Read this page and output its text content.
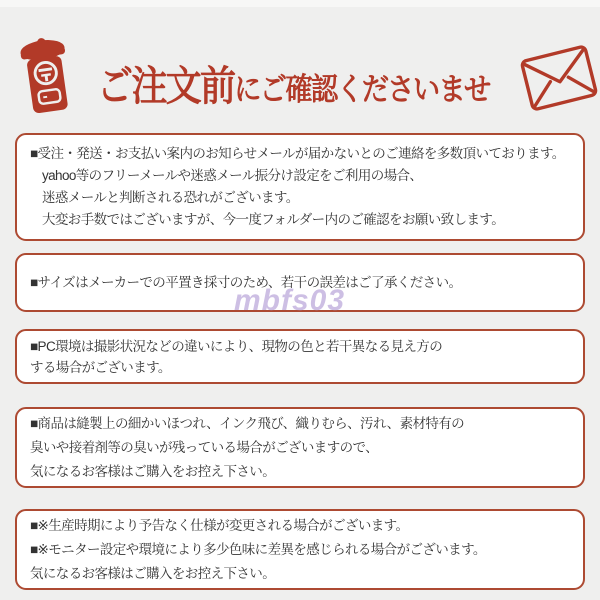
ご注文前にご確認くださいませ
■受注・発送・お支払い案内のお知らせメールが届かないとのご連絡を多数頂いております。
yahoo等のフリーメールや迷惑メール振分け設定をご利用の場合、
迷惑メールと判断される恐れがございます。
大変お手数ではございますが、今一度フォルダー内のご確認をお願い致します。
■サイズはメーカーでの平置き採寸のため、若干の誤差はご了承ください。
■PC環境は撮影状況などの違いにより、現物の色と若干異なる見え方の
する場合がございます。
■商品は縫製上の細かいほつれ、インク飛び、織りむら、汚れ、素材特有の
臭いや接着剤等の臭いが残っている場合がございますので、
気になるお客様はご購入をお控え下さい。
■※生産時期により予告なく仕様が変更される場合がございます。
■※モニター設定や環境により多少色味に差異を感じられる場合がございます。
気になるお客様はご購入をお控え下さい。
mbfs03
